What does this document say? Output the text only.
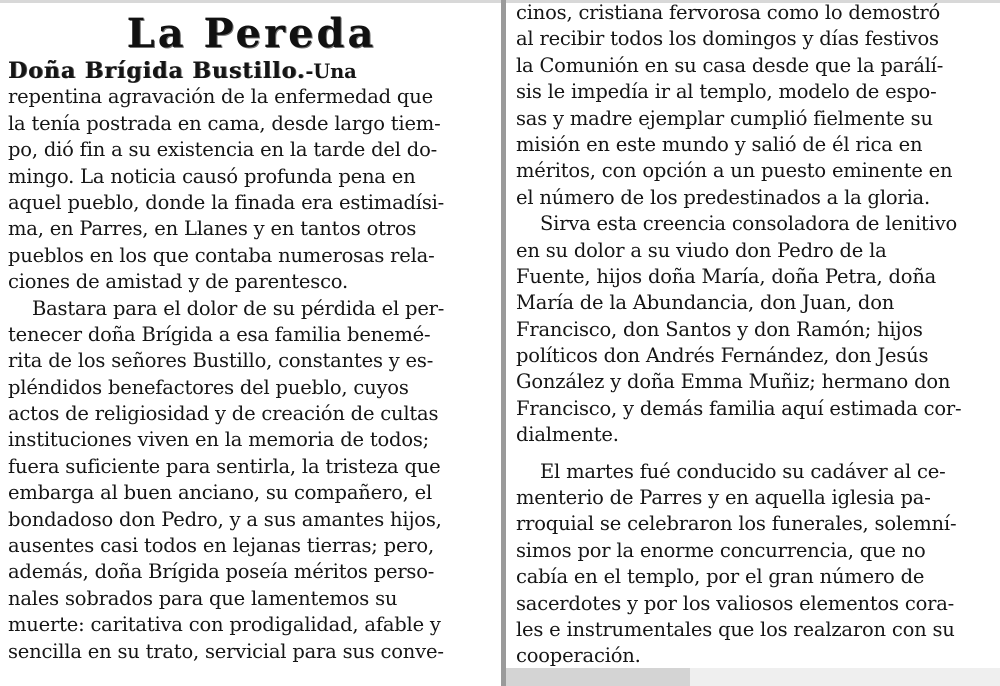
La Pereda
Doña Brígida Bustillo.-Una
repentina agravación de la enfermedad que
la tenía postrada en cama, desde largo tiem-
po, dió fin a su existencia en la tarde del do-
mingo. La noticia causó profunda pena en
aquel pueblo, donde la finada era estimadísi-
ma, en Parres, en Llanes y en tantos otros
pueblos en los que contaba numerosas rela-
ciones de amistad y de parentesco.
Bastara para el dolor de su pérdida el per-
tenecer doña Brígida a esa familia benemé-
rita de los señores Bustillo, constantes y es-
pléndidos benefactores del pueblo, cuyos
actos de religiosidad y de creación de cultas
instituciones viven en la memoria de todos;
fuera suficiente para sentirla, la tristeza que
embarga al buen anciano, su compañero, el
bondadoso don Pedro, y a sus amantes hijos,
ausentes casi todos en lejanas tierras; pero,
además, doña Brígida poseía méritos perso-
nales sobrados para que lamentemos su
muerte: caritativa con prodigalidad, afable y
sencilla en su trato, servicial para sus conve-
cinos, cristiana fervorosa como lo demostró
al recibir todos los domingos y días festivos
la Comunión en su casa desde que la parálí-
sis le impedía ir al templo, modelo de espo-
sas y madre ejemplar cumplió fielmente su
misión en este mundo y salió de él rica en
méritos, con opción a un puesto eminente en
el número de los predestinados a la gloria.
Sirva esta creencia consoladora de lenitivo
en su dolor a su viudo don Pedro de la
Fuente, hijos doña María, doña Petra, doña
María de la Abundancia, don Juan, don
Francisco, don Santos y don Ramón; hijos
políticos don Andrés Fernández, don Jesús
González y doña Emma Muñiz; hermano don
Francisco, y demás familia aquí estimada cor-
dialmente.
El martes fué conducido su cadáver al ce-
menterio de Parres y en aquella iglesia pa-
rroquial se celebraron los funerales, solemní-
simos por la enorme concurrencia, que no
cabía en el templo, por el gran número de
sacerdotes y por los valiosos elementos cora-
les e instrumentales que los realzaron con su
cooperación.
